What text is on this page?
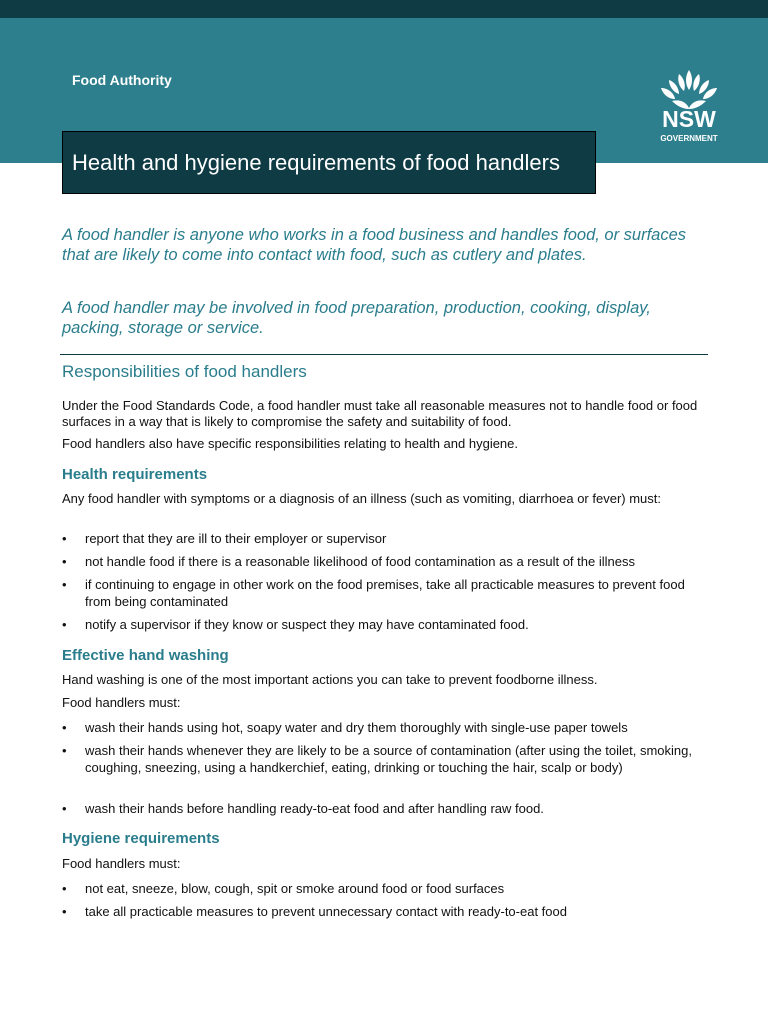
Food Authority
NSW
GOVERNMENT
Health and hygiene requirements of food handlers

A food handler is anyone who works in a food business and handles food, or surfaces that are likely to come into contact with food, such as cutlery and plates.

A food handler may be involved in food preparation, production, cooking, display, packing, storage or service.

Responsibilities of food handlers

Under the Food Standards Code, a food handler must take all reasonable measures not to handle food or food surfaces in a way that is likely to compromise the safety and suitability of food.

Food handlers also have specific responsibilities relating to health and hygiene.

Health requirements

Any food handler with symptoms or a diagnosis of an illness (such as vomiting, diarrhoea or fever) must:

• report that they are ill to their employer or supervisor
• not handle food if there is a reasonable likelihood of food contamination as a result of the illness
• if continuing to engage in other work on the food premises, take all practicable measures to prevent food from being contaminated
• notify a supervisor if they know or suspect they may have contaminated food.
Effective hand washing

Hand washing is one of the most important actions you can take to prevent foodborne illness.

Food handlers must:

• wash their hands using hot, soapy water and dry them thoroughly with single-use paper towels
• wash their hands whenever they are likely to be a source of contamination (after using the toilet, smoking, coughing, sneezing, using a handkerchief, eating, drinking or touching the hair, scalp or body)
• wash their hands before handling ready-to-eat food and after handling raw food.
Hygiene requirements

Food handlers must:

• not eat, sneeze, blow, cough, spit or smoke around food or food surfaces
• take all practicable measures to prevent unnecessary contact with ready-to-eat food
